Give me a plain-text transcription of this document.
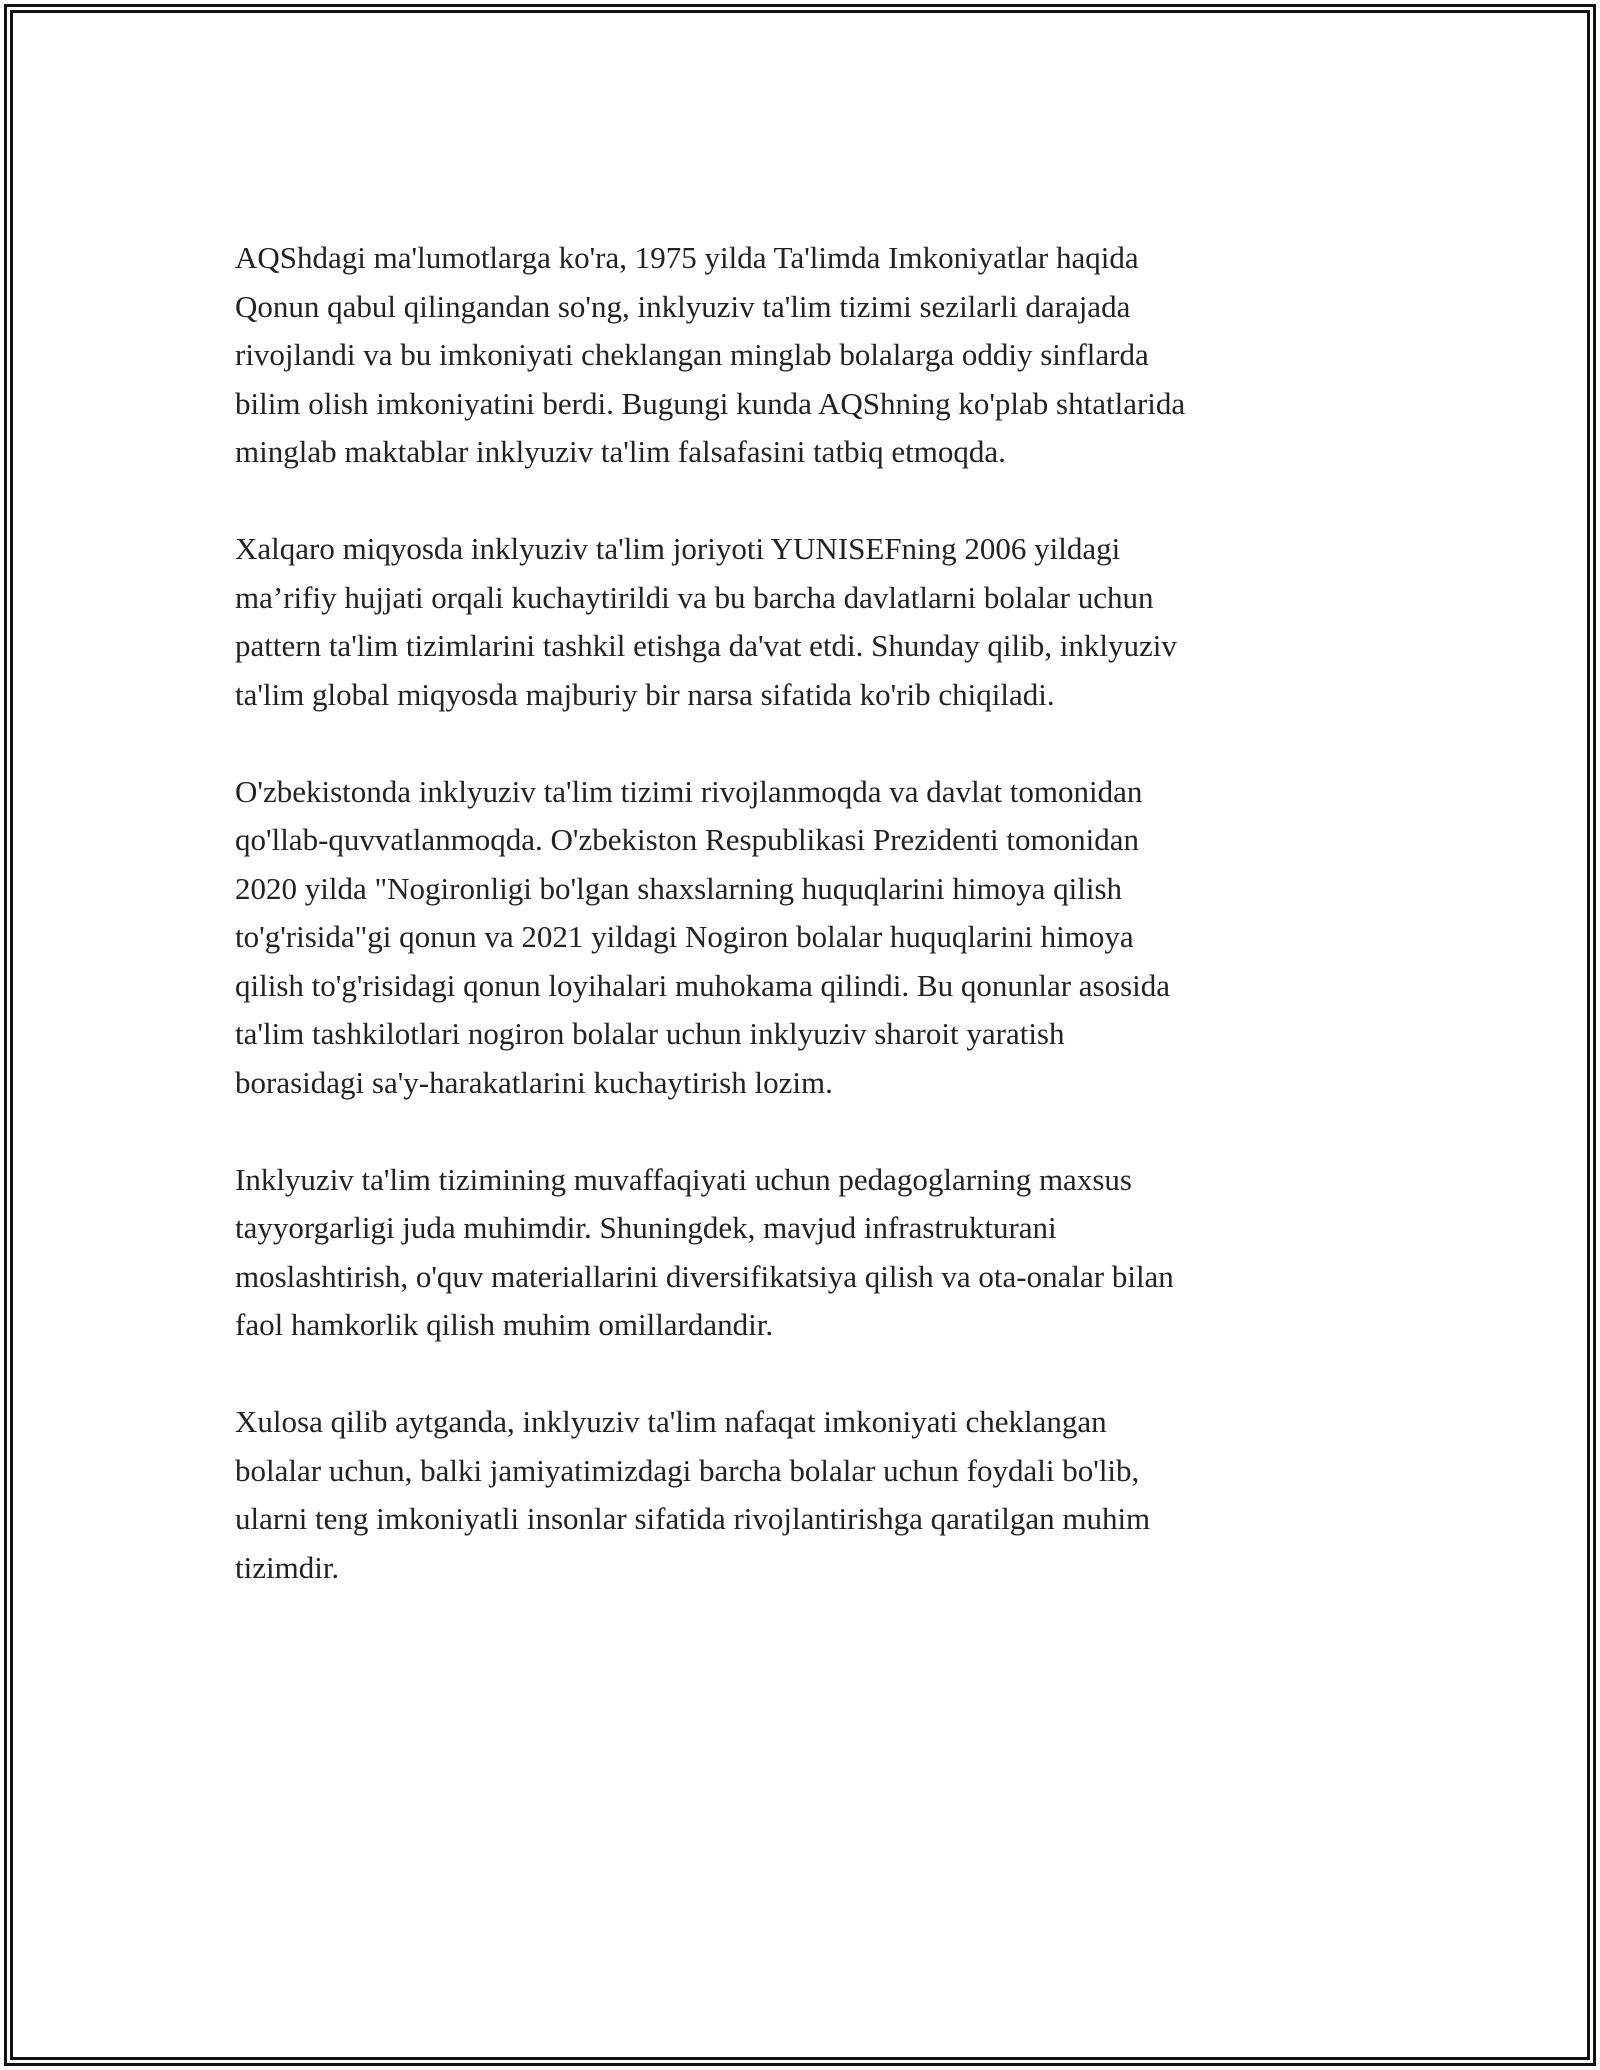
AQShdagi ma'lumotlarga ko'ra, 1975 yilda Ta'limda Imkoniyatlar haqida
Qonun qabul qilingandan so'ng, inklyuziv ta'lim tizimi sezilarli darajada
rivojlandi va bu imkoniyati cheklangan minglab bolalarga oddiy sinflarda
bilim olish imkoniyatini berdi. Bugungi kunda AQShning ko'plab shtatlarida
minglab maktablar inklyuziv ta'lim falsafasini tatbiq etmoqda.

Xalqaro miqyosda inklyuziv ta'lim joriyoti YUNISEFning 2006 yildagi
ma’rifiy hujjati orqali kuchaytirildi va bu barcha davlatlarni bolalar uchun
pattern ta'lim tizimlarini tashkil etishga da'vat etdi. Shunday qilib, inklyuziv
ta'lim global miqyosda majburiy bir narsa sifatida ko'rib chiqiladi.

O'zbekistonda inklyuziv ta'lim tizimi rivojlanmoqda va davlat tomonidan
qo'llab-quvvatlanmoqda. O'zbekiston Respublikasi Prezidenti tomonidan
2020 yilda "Nogironligi bo'lgan shaxslarning huquqlarini himoya qilish
to'g'risida"gi qonun va 2021 yildagi Nogiron bolalar huquqlarini himoya
qilish to'g'risidagi qonun loyihalari muhokama qilindi. Bu qonunlar asosida
ta'lim tashkilotlari nogiron bolalar uchun inklyuziv sharoit yaratish
borasidagi sa'y-harakatlarini kuchaytirish lozim.

Inklyuziv ta'lim tizimining muvaffaqiyati uchun pedagoglarning maxsus
tayyorgarligi juda muhimdir. Shuningdek, mavjud infrastrukturani
moslashtirish, o'quv materiallarini diversifikatsiya qilish va ota-onalar bilan
faol hamkorlik qilish muhim omillardandir.

Xulosa qilib aytganda, inklyuziv ta'lim nafaqat imkoniyati cheklangan
bolalar uchun, balki jamiyatimizdagi barcha bolalar uchun foydali bo'lib,
ularni teng imkoniyatli insonlar sifatida rivojlantirishga qaratilgan muhim
tizimdir.
